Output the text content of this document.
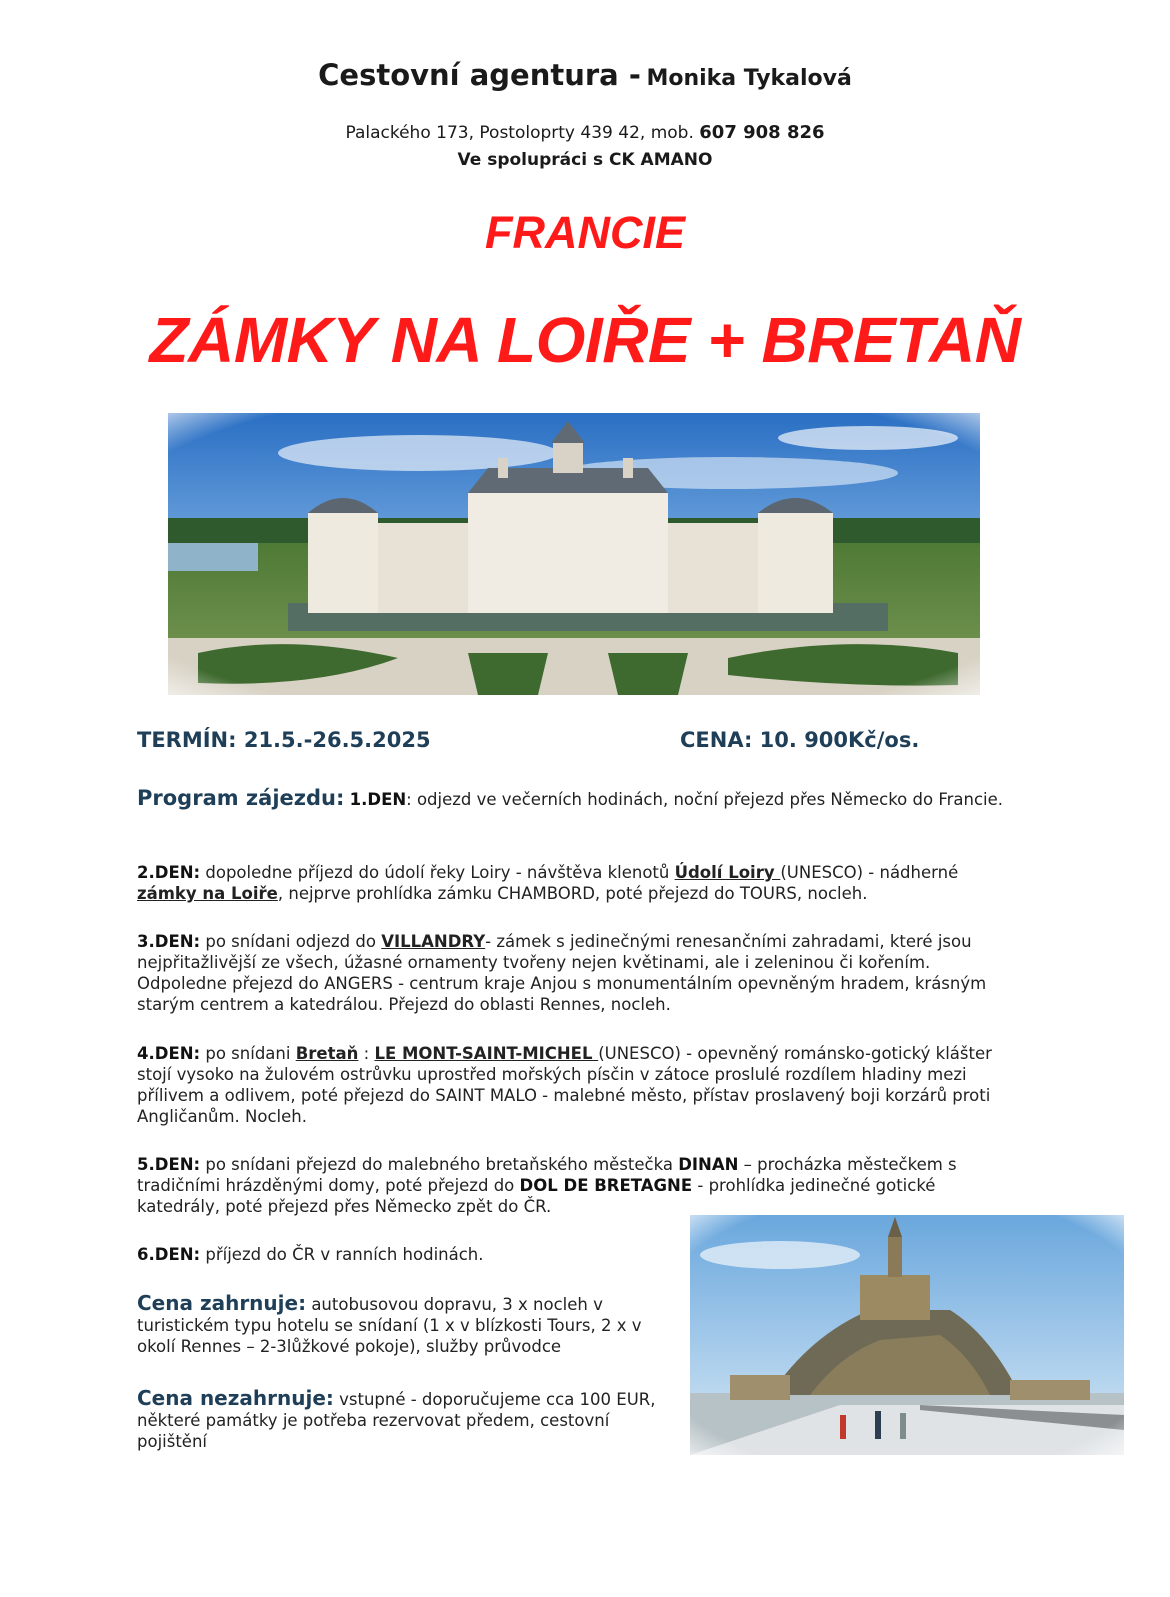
Cestovní agentura - Monika Tykalová
Palackého 173, Postoloprty 439 42, mob. 607 908 826
Ve spolupráci s CK AMANO
FRANCIE
ZÁMKY NA LOIŘE + BRETAŇ
TERMÍN: 21.5.-26.5.2025	CENA: 10. 900Kč/os.
Program zájezdu: 1.DEN: odjezd ve večerních hodinách, noční přejezd přes Německo do Francie.
2.DEN: dopoledne příjezd do údolí řeky Loiry - návštěva klenotů Údolí Loiry (UNESCO) - nádherné zámky na Loiře, nejprve prohlídka zámku CHAMBORD, poté přejezd do TOURS, nocleh.
3.DEN: po snídani odjezd do VILLANDRY- zámek s jedinečnými renesančními zahradami, které jsou nejpřitažlivější ze všech, úžasné ornamenty tvořeny nejen květinami, ale i zeleninou či kořením. Odpoledne přejezd do ANGERS - centrum kraje Anjou s monumentálním opevněným hradem, krásným starým centrem a katedrálou. Přejezd do oblasti Rennes, nocleh.
4.DEN: po snídani Bretaň : LE MONT-SAINT-MICHEL (UNESCO) - opevněný románsko-gotický klášter stojí vysoko na žulovém ostrůvku uprostřed mořských písčin v zátoce proslulé rozdílem hladiny mezi přílivem a odlivem, poté přejezd do SAINT MALO - malebné město, přístav proslavený boji korzárů proti Angličanům. Nocleh.
5.DEN: po snídani přejezd do malebného bretaňského městečka DINAN – procházka městečkem s tradičními hrázděnými domy, poté přejezd do DOL DE BRETAGNE - prohlídka jedinečné gotické katedrály, poté přejezd přes Německo zpět do ČR.
6.DEN: příjezd do ČR v ranních hodinách.
Cena zahrnuje: autobusovou dopravu, 3 x nocleh v turistickém typu hotelu se snídaní (1 x v blízkosti Tours, 2 x v okolí Rennes – 2-3lůžkové pokoje), služby průvodce
Cena nezahrnuje: vstupné - doporučujeme cca 100 EUR, některé památky je potřeba rezervovat předem, cestovní pojištění
